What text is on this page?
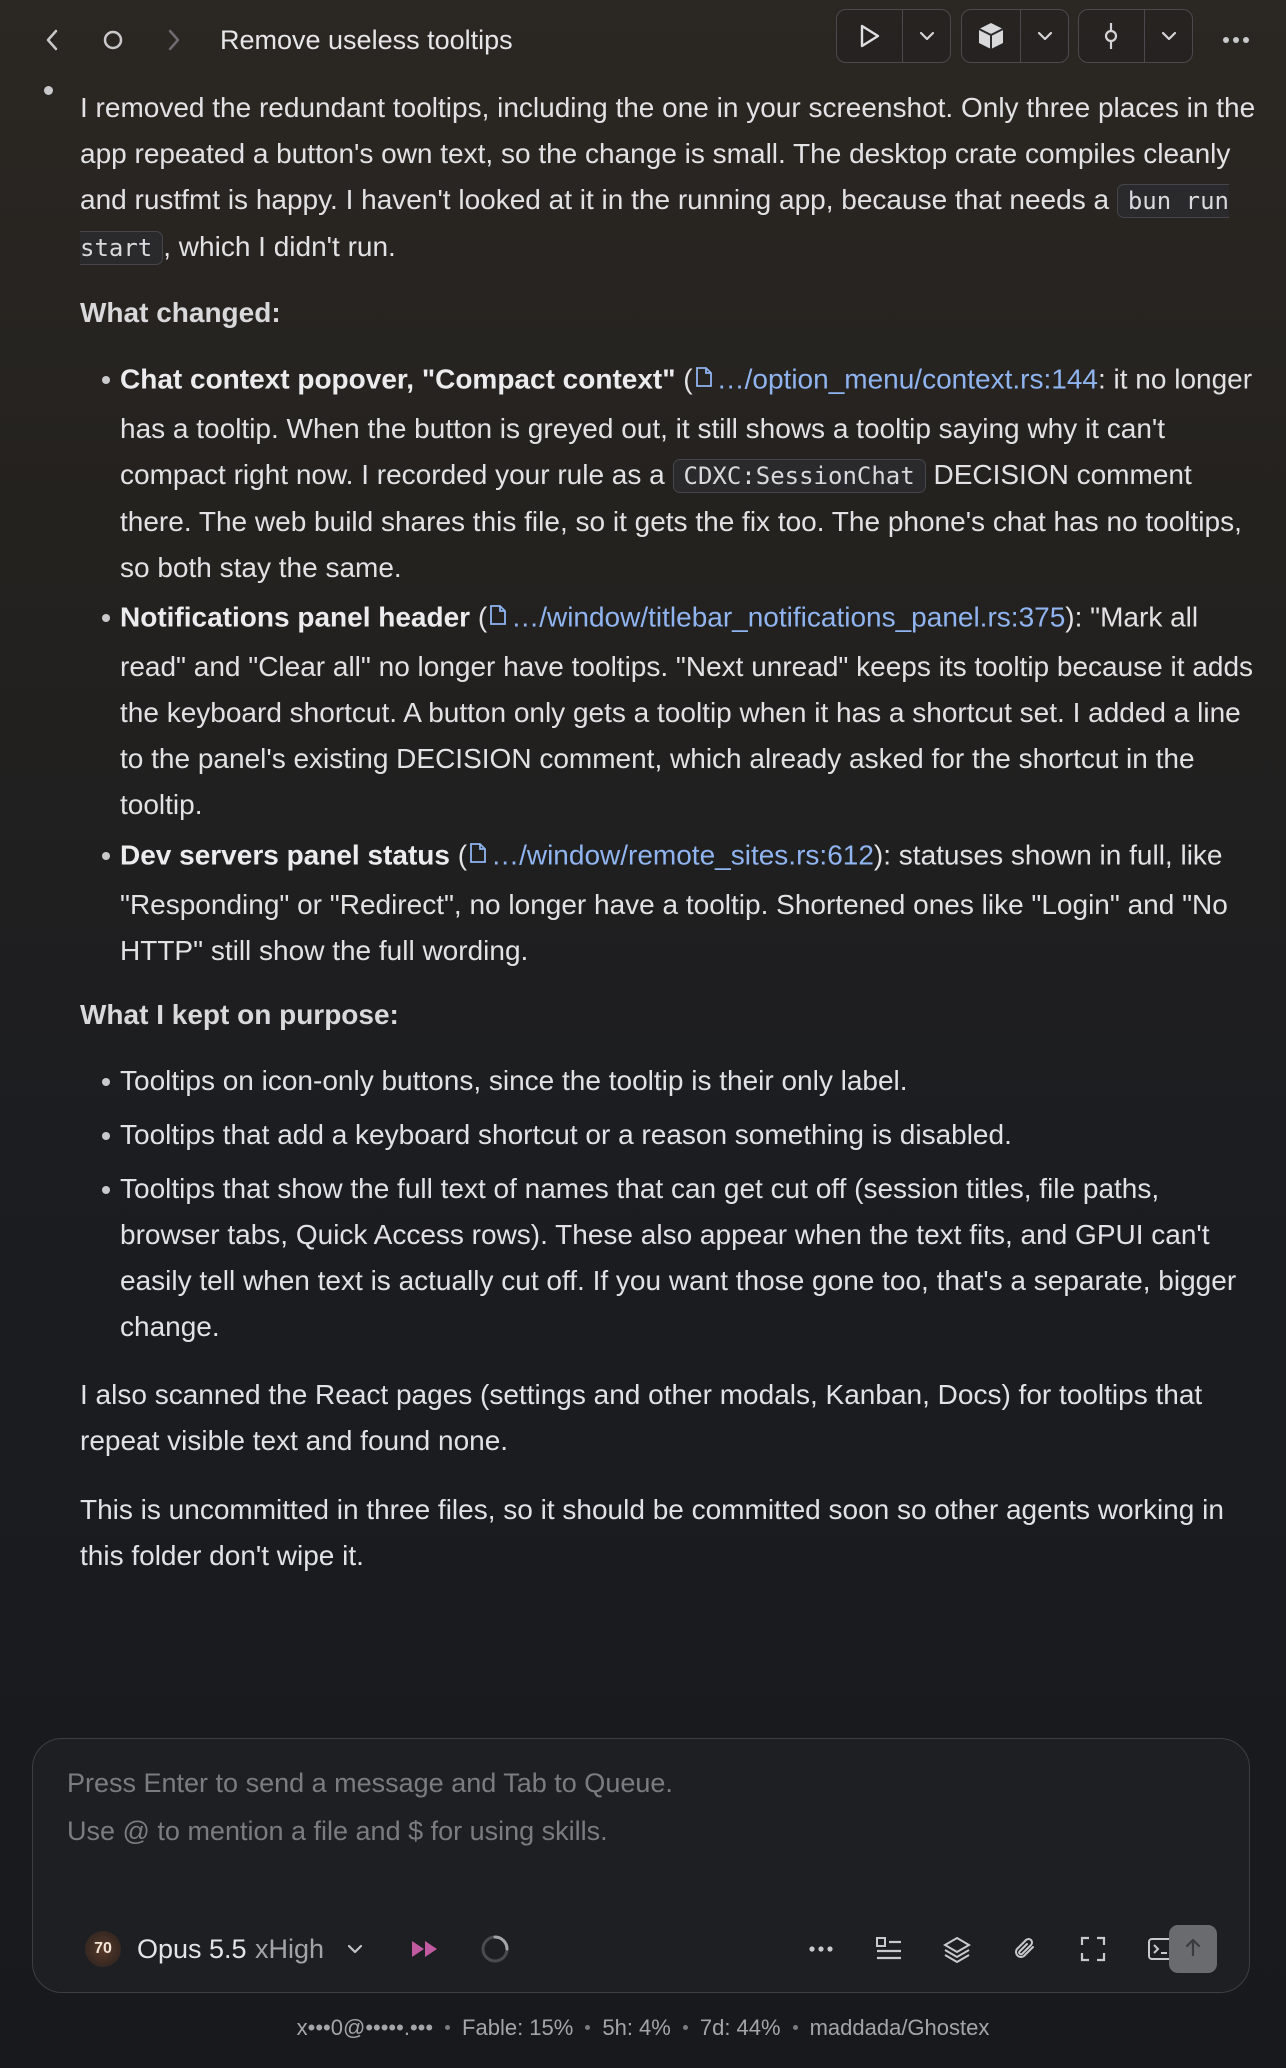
Remove useless tooltips
I removed the redundant tooltips, including the one in your screenshot. Only three places in the app repeated a button's own text, so the change is small. The desktop crate compiles cleanly and rustfmt is happy. I haven't looked at it in the running app, because that needs a bun run start , which I didn't run.
What changed:
Chat context popover, "Compact context" ( …/option_menu/context.rs:144: it no longer has a tooltip. When the button is greyed out, it still shows a tooltip saying why it can't compact right now. I recorded your rule as a CDXC:SessionChat DECISION comment there. The web build shares this file, so it gets the fix too. The phone's chat has no tooltips, so both stay the same.
Notifications panel header ( …/window/titlebar_notifications_panel.rs:375): "Mark all read" and "Clear all" no longer have tooltips. "Next unread" keeps its tooltip because it adds the keyboard shortcut. A button only gets a tooltip when it has a shortcut set. I added a line to the panel's existing DECISION comment, which already asked for the shortcut in the tooltip.
Dev servers panel status ( …/window/remote_sites.rs:612): statuses shown in full, like "Responding" or "Redirect", no longer have a tooltip. Shortened ones like "Login" and "No HTTP" still show the full wording.
What I kept on purpose:
Tooltips on icon-only buttons, since the tooltip is their only label.
Tooltips that add a keyboard shortcut or a reason something is disabled.
Tooltips that show the full text of names that can get cut off (session titles, file paths, browser tabs, Quick Access rows). These also appear when the text fits, and GPUI can't easily tell when text is actually cut off. If you want those gone too, that's a separate, bigger change.
I also scanned the React pages (settings and other modals, Kanban, Docs) for tooltips that repeat visible text and found none.
This is uncommitted in three files, so it should be committed soon so other agents working in this folder don't wipe it.
Press Enter to send a message and Tab to Queue.
Use @ to mention a file and $ for using skills.
70 Opus 5.5 xHigh
x•••0@•••••.••• Fable: 15% 5h: 4% 7d: 44% maddada/Ghostex
